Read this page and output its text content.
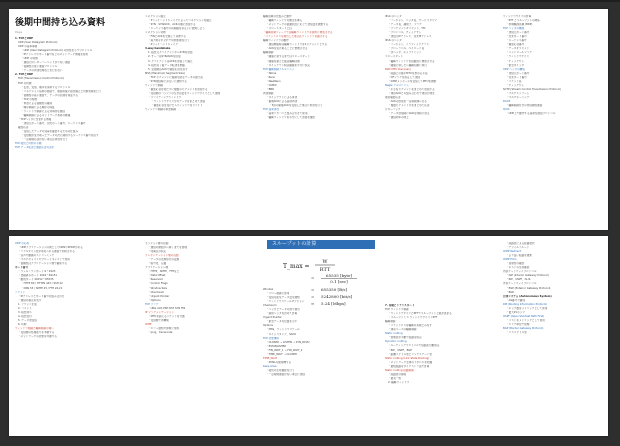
後期中間持ち込み資料
Page
1. TCPとUDP
UDP (User Datagram Protocol)
UDP の基本事項
・UDP (User Datagram Protocol) の特性をもつプロトコル
・IPアドレスやポート番号などのネットワーク情報を使用
・UDP の特徴
・通信に伴いオーバーヘッドが少ない通信
・信頼性の低い通信プロトコル
・データの再送処理などを行わない
2. TCPとUDP
TCP (Transmission Control Protocol)
TCP の特徴
・伝送、受信、順序を保持するプロトコル
・コネクション指向の通信で、通信前後に接続確立と切断処理を行う
・信頼性の高い通信で、データの到達を保証する
・TCP の特徴
・再送による信頼性の確保
・順序制御による順序の保証
・ウィンドウ制御による効率的な通信
・輻輳制御によるネットワーク負荷の軽減
・TCPヘッダに含まれる情報
・送信元ポート番号、宛先ポート番号、シーケンス番号
確認応答
・受信したデータの到着を確認するための仕組み
・受信側が受け取ったデータの次に期待するシーケンス番号を返す
・一定時間応答がない場合は再送を行う
TCP 接続と切断の手順
TCP データ転送と確認応答の流れ
コネクション確立
・3ウェイハンドシェイクによってコネクションを確立
・SYN、SYN/ACK、ACKの順に送信する
・シーケンス番号の初期値をお互いに通知し合う
コネクション切断
・FINとACKを交換して切断する
・両方向それぞれで切断処理を行う
・4ウェイハンドシェイク
3-way handshake
1. 接続元クライアントからSYNを送信
2. サーバはSYN/ACKを返信
3. クライアントはACKを送信して確立
4. 接続完了後データ転送を開始
5. 受信側はACKで確認応答を返す
MSS (Maximum Segment Size)
・TCP セグメントに格納可能なデータの最大長
・SYN送信時にお互いに通知する
ウィンドウ制御
・確認応答を待たずに複数のセグメントを送信する
・受信側のバッファの空き容量をウィンドウサイズとして通知
・スライディングウィンドウ
・ウィンドウサイズ分のデータをまとめて送信
・確認応答を受けたらウィンドウをスライド
ウィンドウ制御の再送制御
輻輳回避の仕組みと動作
・輻輳ウィンドウの概念を導入
・ネットワークの混雑状況に応じて送信量を調整する
・スロースタートとは
・輻輳回避フェーズでは輻輳ウィンドウを線形に増加させる
・パケットロスを検出した場合はウィンドウを縮小する
輻輳ウィンドウの動作
・通信開始時は輻輳ウィンドウを1セグメントとする
・ACKを受け取るごとに倍増させる
輻輳制御
・閾値に達するまではスロースタート
・閾値を超えた後は輻輳回避
・タイムアウト時は閾値を半分に設定
TCP 輻輳制御アルゴリズム
・Tahoe
・Reno
・NewReno
・CUBIC
・BBR
再送制御
・タイムアウトによる再送
・重複ACKによる高速再送
・3回の重複ACKを受信した場合に再送を行う
TCP 高速再送
・高速リカバリと組み合わせて使用
・輻輳ウィンドウを半分にして送信を継続
IPv4 のヘッダ
・バージョン、ヘッダ長、サービスタイプ
・データ長、識別子、フラグ
・フラグメントオフセット、TTL
・プロトコル、チェックサム
・送信元IPアドレス、宛先IPアドレス
IPv6 のヘッダ
・バージョン、トラフィッククラス
・フローラベル、ペイロード長
・次ヘッダ、ホップリミット
スロースタート
・輻輳ウィンドウを指数的に増加させる
・閾値に達したら輻輳回避に移行
Path MTU Discovery
・経路上の最小MTUを求める手法
・DFフラグを設定して送信
・ICMPメッセージを受信してMTUを調整
Nagle アルゴリズム
・小さなセグメントをまとめて送信する
・遅延ACKとの組み合わせで遅延が発生
遅延確認応答
・ACKの送信を一定時間遅らせる
・複数セグメント分をまとめて応答
ピギーバック
・データ送信時にACKを同時に送る
・通信効率の向上
ウィンドウサイズの計算
・RTT とスループットの関係
・帯域幅遅延積 (BDP)
TCP ヘッダの構成
・送信元ポート番号
・宛先ポート番号
・シーケンス番号
・確認応答番号
・データオフセット
・コントロールフラグ
・ウィンドウサイズ
・チェックサム
・緊急ポインタ
UDP ヘッダの構成
・送信元ポート番号
・宛先ポート番号
・パケット長
・チェックサム
SCTP (Stream Control Transmission Protocol)
・マルチストリーム
・マルチホーミング
DCCP
・輻輳制御付きの非信頼性通信
QUIC
・UDP上で動作する高速な通信プロトコル
UDP の応用
・UDPアプリケーションの例としてDNSやDHCPがある
・リアルタイム性が求められる通信で利用される
・音声や動画のストリーミング
・マルチキャストやブロードキャストで使用
・信頼性はアプリケーション層で確保する
ポート番号
・ウェルノウンポート 0〜1023
・登録済みポート 1024〜49151
・動的ポート 49152〜65535
・HTTP 80 / HTTPS 443 / SSH 22
・DNS 53 / SMTP 25 / FTP 20,21
ソケット
・IPアドレスとポート番号の組み合わせ
・通信の端点を表す
1. ソケット生成
2. バインド
3. 接続待ち
4. 接続受付
5. データ送受信
6. 切断
ウィンドウ制御と輻輳制御の違い
・受信側の処理能力を考慮する
・ネットワークの状態を考慮する
セッション層の役割
・通信の開始から終了までを管理
・同期点の設定
プレゼンテーション層の役割
・データの表現形式の変換
・暗号化、圧縮
アプリケーション層
・HTTP、SMTP、FTPなど
・Data Offset
・Reserved
・Control Flags
・Window Size
・Checksum
・Urgent Pointer
・Options
TCP フラグ
・URG ACK PSH RST SYN FIN
IP フラグメンテーション
・MTUを超えるパケットを分割
・受信側で再構築
ICMP
・エラー通知や診断に使用
・ping、traceroute
Window
・フロー制御に使用
・受信可能なデータ量を通知
・ウィンドウスケールオプション
Checksum
・ヘッダとデータの誤り検出
・疑似ヘッダを含めて計算
Urgent Pointer
・緊急データの位置を示す
Options
・MSS、ウィンドウスケール
・タイムスタンプ、SACK
TCP 状態遷移
・CLOSED → LISTEN → SYN_RCVD
・ESTABLISHED
・FIN_WAIT_1 → FIN_WAIT_2
・TIME_WAIT → CLOSED
TIME_WAIT
・2MSLの間待機する
Keep Alive
・接続の生存確認を行う
・一定時間通信がない場合に送信
7. 帯域とトランスポート
TCP ウィンドウ制御
・ウィンドウサイズとRTTでスループット上限が決まる
・スループット = ウィンドウサイズ / RTT
輻輳制御
・パケットロスを輻輳の兆候とみなす
・遅延ベースの輻輳制御
Static routing
・管理者が手動で経路を設定
Dynamic routing
・ルーティングプロトコルで経路を自動設定
・RIP、OSPF、BGP
・距離ベクトル型とリンクステート型
Static routing (Link State Routing)
・ネットワーク全体のトポロジを把握
・最短経路をダイクストラ法で計算
Static routing 経路制御
・経路表の参照
・最長一致
2. 輻輳ウィンドウ
・経路表による経路選択
・デフォルトルート
ICMP Redirect
・より良い経路を通知
ICMP Echo
・到達性の確認
・ホストの生存確認
内部ゲートウェイプロトコル
・IGP (Interior Gateway Protocol)
・RIP、OSPF、IS-IS
外部ゲートウェイプロトコル
・EGP (Exterior Gateway Protocol)
・BGP
自律システム (Autonomous System)
・AS番号で識別
RIP (Routing Information Protocol)
・ホップ数をメトリックとして使用
・最大15ホップ
OSPF (Open Shortest Path First)
・コストをメトリックとして使用
・エリア単位で管理
BGP (Border Gateway Protocol)
・パスベクトル型
スループットの計算
T_max =
W
RTT
=	65535 [byte]
0.1 [sec]
= 655350 [B/s]
= 5242800 [bit/s]
≈ 5.24 [Mbps]
